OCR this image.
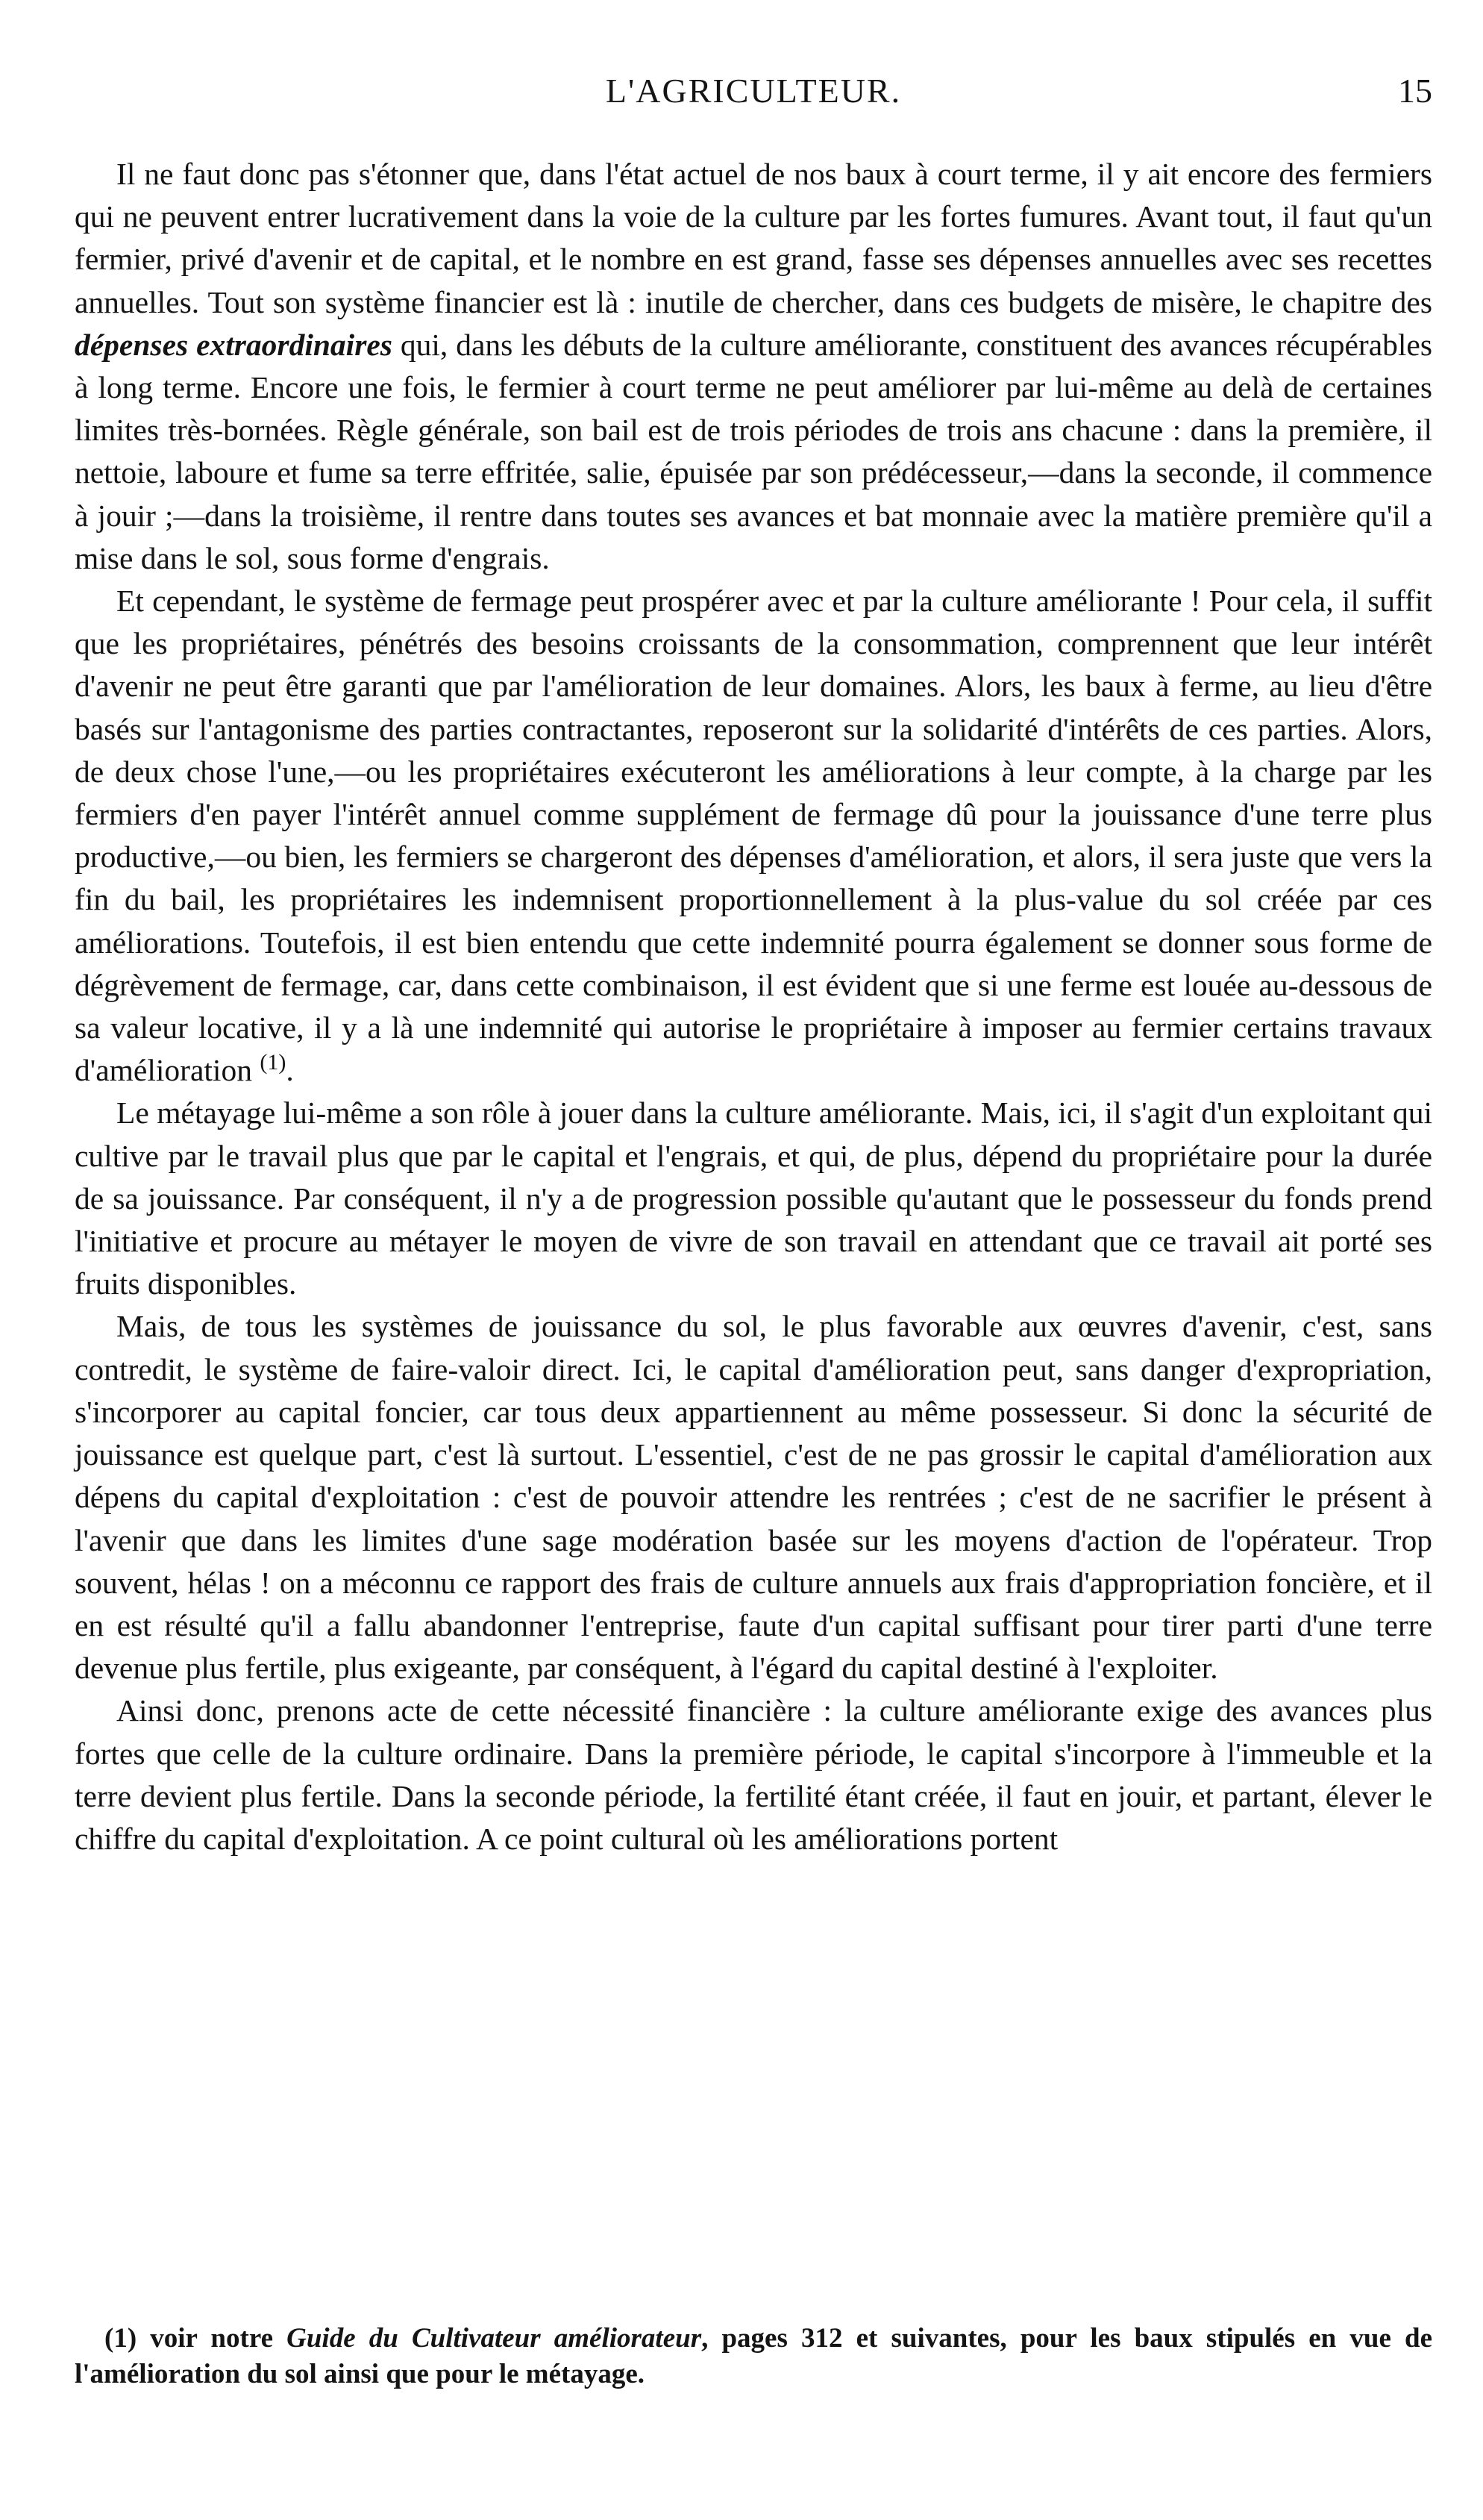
L'AGRICULTEUR.	15

Il ne faut donc pas s'étonner que, dans l'état actuel de nos baux à court terme, il y ait encore des fermiers qui ne peuvent entrer lucrativement dans la voie de la culture par les fortes fumures. Avant tout, il faut qu'un fermier, privé d'avenir et de capital, et le nombre en est grand, fasse ses dépenses annuelles avec ses recettes annuelles. Tout son système financier est là : inutile de chercher, dans ces budgets de misère, le chapitre des dépenses extraordinaires qui, dans les débuts de la culture améliorante, constituent des avances récupérables à long terme. Encore une fois, le fermier à court terme ne peut améliorer par lui-même au delà de certaines limites très-bornées. Règle générale, son bail est de trois périodes de trois ans chacune : dans la première, il nettoie, laboure et fume sa terre effritée, salie, épuisée par son prédécesseur,—dans la seconde, il commence à jouir ;—dans la troisième, il rentre dans toutes ses avances et bat monnaie avec la matière première qu'il a mise dans le sol, sous forme d'engrais.

Et cependant, le système de fermage peut prospérer avec et par la culture améliorante ! Pour cela, il suffit que les propriétaires, pénétrés des besoins croissants de la consommation, comprennent que leur intérêt d'avenir ne peut être garanti que par l'amélioration de leur domaines. Alors, les baux à ferme, au lieu d'être basés sur l'antagonisme des parties contractantes, reposeront sur la solidarité d'intérêts de ces parties. Alors, de deux chose l'une,—ou les propriétaires exécuteront les améliorations à leur compte, à la charge par les fermiers d'en payer l'intérêt annuel comme supplément de fermage dû pour la jouissance d'une terre plus productive,—ou bien, les fermiers se chargeront des dépenses d'amélioration, et alors, il sera juste que vers la fin du bail, les propriétaires les indemnisent proportionnellement à la plus-value du sol créée par ces améliorations. Toutefois, il est bien entendu que cette indemnité pourra également se donner sous forme de dégrèvement de fermage, car, dans cette combinaison, il est évident que si une ferme est louée au-dessous de sa valeur locative, il y a là une indemnité qui autorise le propriétaire à imposer au fermier certains travaux d'amélioration $^{(1)}$.

Le métayage lui-même a son rôle à jouer dans la culture améliorante. Mais, ici, il s'agit d'un exploitant qui cultive par le travail plus que par le capital et l'engrais, et qui, de plus, dépend du propriétaire pour la durée de sa jouissance. Par conséquent, il n'y a de progression possible qu'autant que le possesseur du fonds prend l'initiative et procure au métayer le moyen de vivre de son travail en attendant que ce travail ait porté ses fruits disponibles.

Mais, de tous les systèmes de jouissance du sol, le plus favorable aux œuvres d'avenir, c'est, sans contredit, le système de faire-valoir direct. Ici, le capital d'amélioration peut, sans danger d'expropriation, s'incorporer au capital foncier, car tous deux appartiennent au même possesseur. Si donc la sécurité de jouissance est quelque part, c'est là surtout. L'essentiel, c'est de ne pas grossir le capital d'amélioration aux dépens du capital d'exploitation : c'est de pouvoir attendre les rentrées ; c'est de ne sacrifier le présent à l'avenir que dans les limites d'une sage modération basée sur les moyens d'action de l'opérateur. Trop souvent, hélas ! on a méconnu ce rapport des frais de culture annuels aux frais d'appropriation foncière, et il en est résulté qu'il a fallu abandonner l'entreprise, faute d'un capital suffisant pour tirer parti d'une terre devenue plus fertile, plus exigeante, par conséquent, à l'égard du capital destiné à l'exploiter.

Ainsi donc, prenons acte de cette nécessité financière : la culture améliorante exige des avances plus fortes que celle de la culture ordinaire. Dans la première période, le capital s'incorpore à l'immeuble et la terre devient plus fertile. Dans la seconde période, la fertilité étant créée, il faut en jouir, et partant, élever le chiffre du capital d'exploitation. A ce point cultural où les améliorations portent

(1) voir notre Guide du Cultivateur améliorateur, pages 312 et suivantes, pour les baux stipulés en vue de l'amélioration du sol ainsi que pour le métayage.
